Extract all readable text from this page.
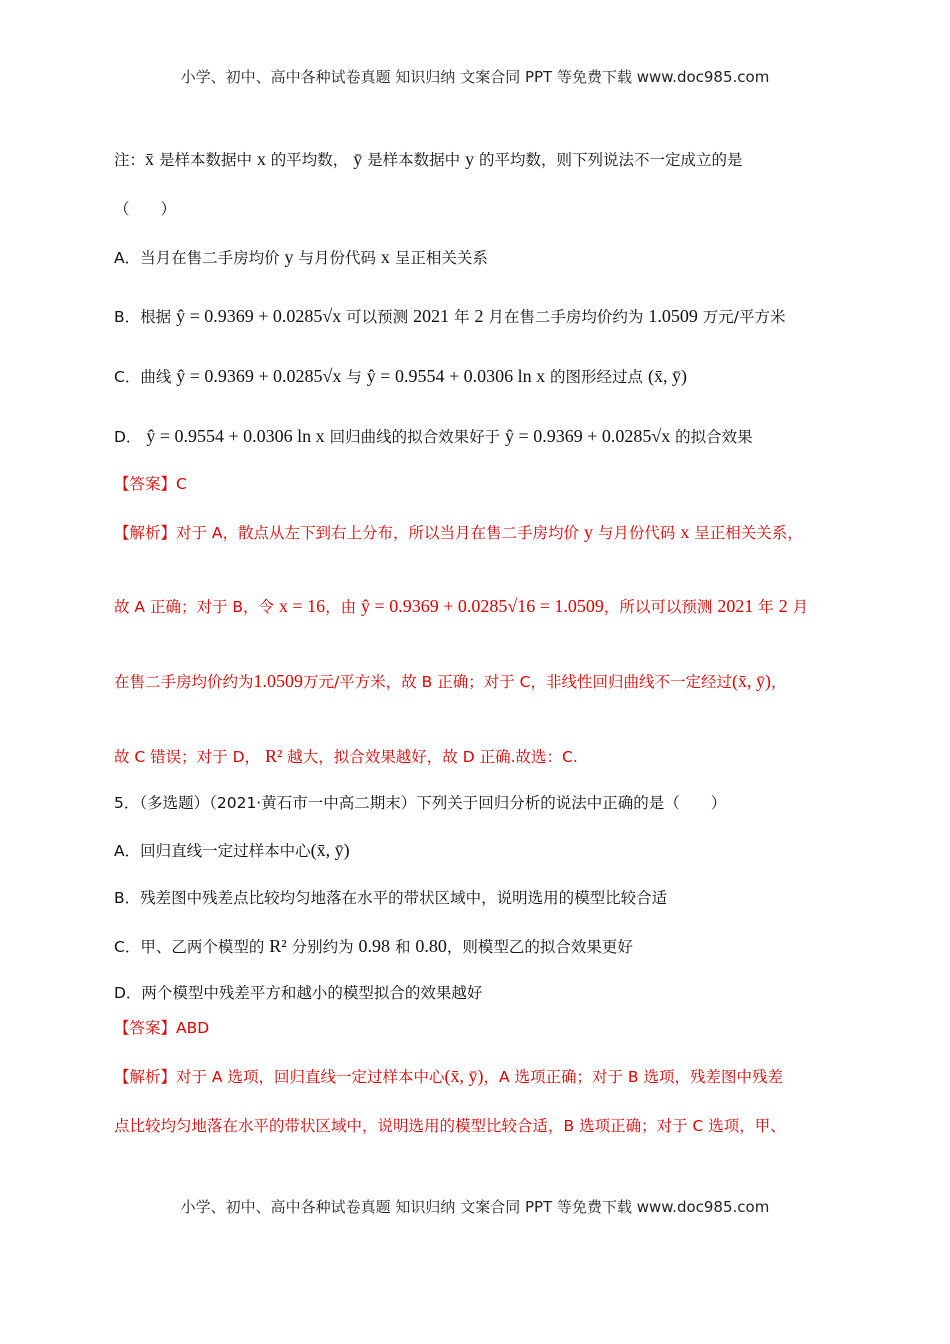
小学、初中、高中各种试卷真题 知识归纳 文案合同 PPT 等免费下载 www.doc985.com
注：x̄ 是样本数据中 x 的平均数， ȳ 是样本数据中 y 的平均数，则下列说法不一定成立的是
（　　）
A．当月在售二手房均价 y 与月份代码 x 呈正相关关系
B．根据 ŷ = 0.9369 + 0.0285√x 可以预测 2021 年 2 月在售二手房均价约为 1.0509 万元/平方米
C．曲线 ŷ = 0.9369 + 0.0285√x 与 ŷ = 0.9554 + 0.0306 ln x 的图形经过点 (x̄, ȳ)
D． ŷ = 0.9554 + 0.0306 ln x 回归曲线的拟合效果好于 ŷ = 0.9369 + 0.0285√x 的拟合效果
【答案】C
【解析】对于 A，散点从左下到右上分布，所以当月在售二手房均价 y 与月份代码 x 呈正相关关系，
故 A 正确；对于 B，令 x = 16，由 ŷ = 0.9369 + 0.0285√16 = 1.0509，所以可以预测 2021 年 2 月
在售二手房均价约为1.0509万元/平方米，故 B 正确；对于 C，非线性回归曲线不一定经过(x̄, ȳ)，
故 C 错误；对于 D， R² 越大，拟合效果越好，故 D 正确.故选：C.
5．（多选题）（2021·黄石市一中高二期末）下列关于回归分析的说法中正确的是（　　）
A．回归直线一定过样本中心(x̄, ȳ)
B．残差图中残差点比较均匀地落在水平的带状区域中，说明选用的模型比较合适
C．甲、乙两个模型的 R² 分别约为 0.98 和 0.80，则模型乙的拟合效果更好
D．两个模型中残差平方和越小的模型拟合的效果越好
【答案】ABD
【解析】对于 A 选项，回归直线一定过样本中心(x̄, ȳ)，A 选项正确；对于 B 选项，残差图中残差
点比较均匀地落在水平的带状区域中，说明选用的模型比较合适，B 选项正确；对于 C 选项，甲、
小学、初中、高中各种试卷真题 知识归纳 文案合同 PPT 等免费下载 www.doc985.com
